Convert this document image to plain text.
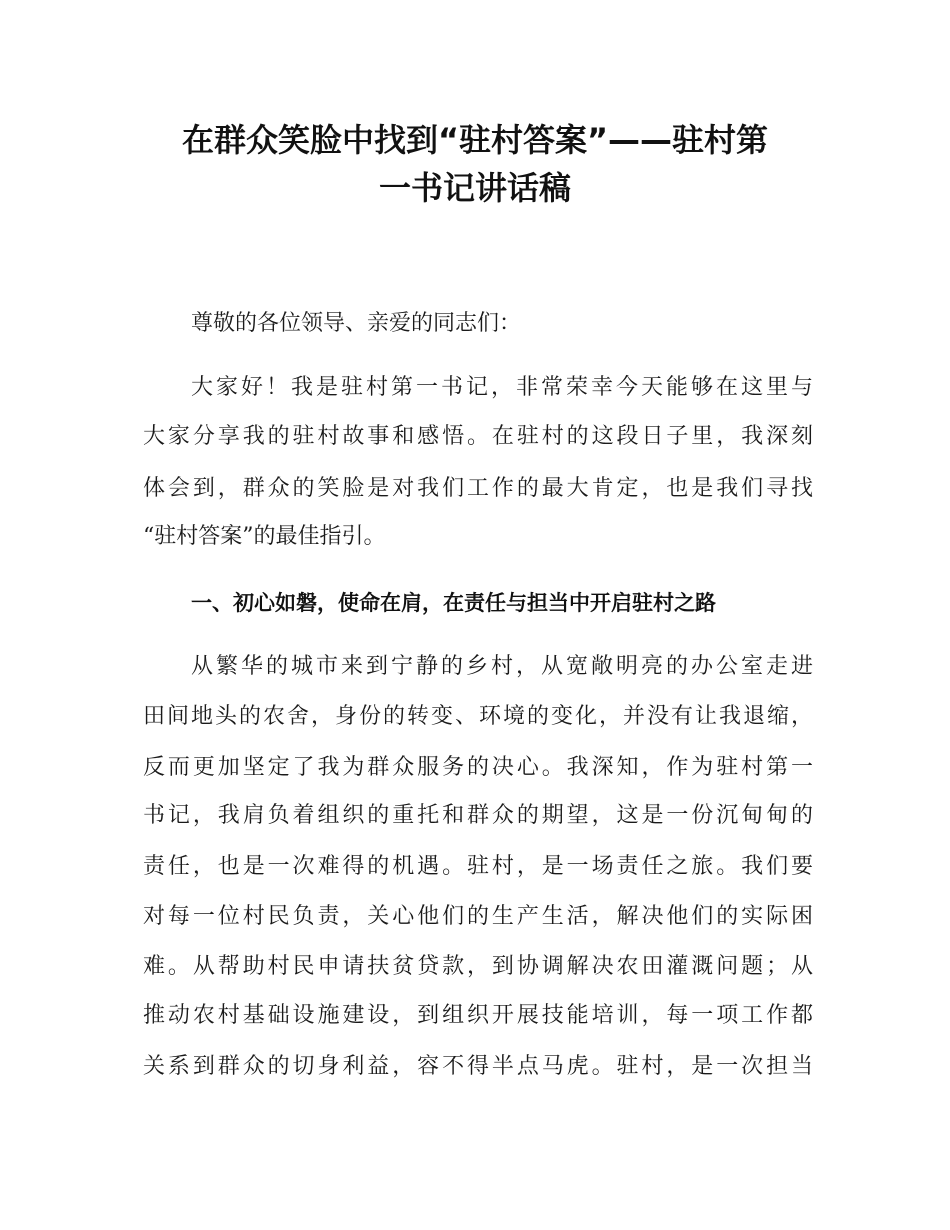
在群众笑脸中找到“驻村答案”——驻村第
一书记讲话稿

尊敬的各位领导、亲爱的同志们：

大家好！我是驻村第一书记，非常荣幸今天能够在这里与

大家分享我的驻村故事和感悟。在驻村的这段日子里，我深刻

体会到，群众的笑脸是对我们工作的最大肯定，也是我们寻找

“驻村答案”的最佳指引。

一、初心如磐，使命在肩，在责任与担当中开启驻村之路

从繁华的城市来到宁静的乡村，从宽敞明亮的办公室走进

田间地头的农舍，身份的转变、环境的变化，并没有让我退缩，

反而更加坚定了我为群众服务的决心。我深知，作为驻村第一

书记，我肩负着组织的重托和群众的期望，这是一份沉甸甸的

责任，也是一次难得的机遇。驻村，是一场责任之旅。我们要

对每一位村民负责，关心他们的生产生活，解决他们的实际困

难。从帮助村民申请扶贫贷款，到协调解决农田灌溉问题；从

推动农村基础设施建设，到组织开展技能培训，每一项工作都

关系到群众的切身利益，容不得半点马虎。驻村，是一次担当
